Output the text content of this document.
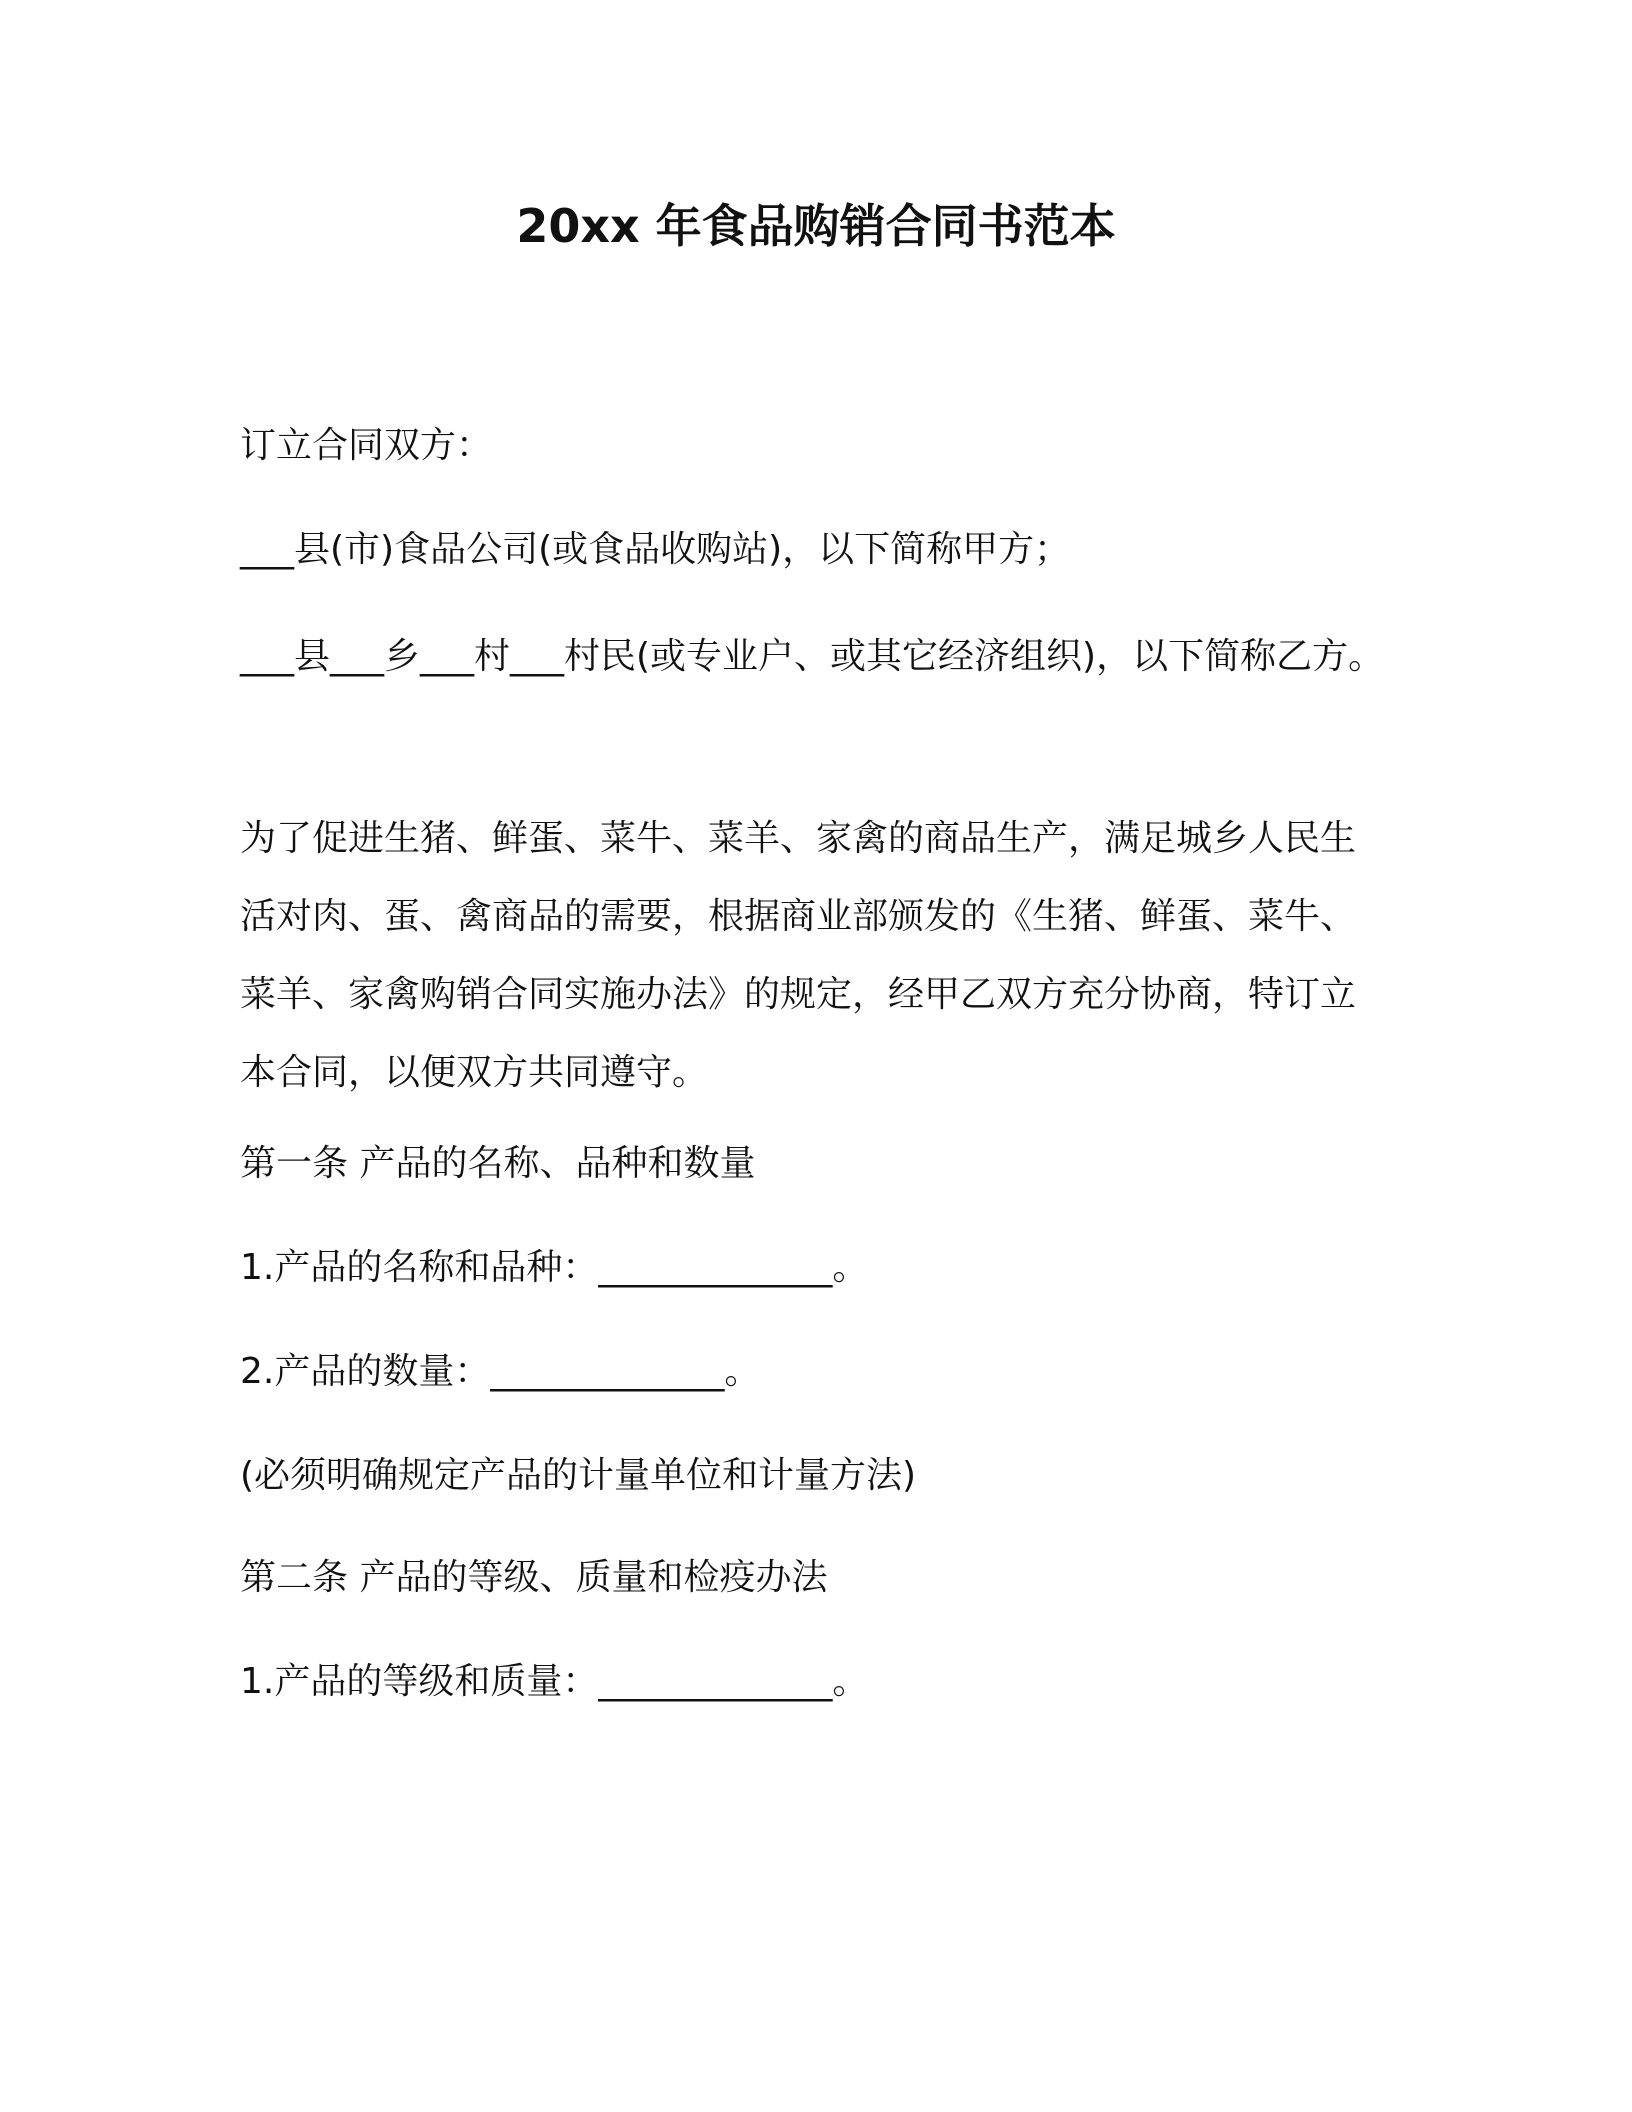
20xx 年食品购销合同书范本

订立合同双方：

___县(市)食品公司(或食品收购站)，以下简称甲方；

___县___乡___村___村民(或专业户、或其它经济组织)，以下简称乙方。

为了促进生猪、鲜蛋、菜牛、菜羊、家禽的商品生产，满足城乡人民生活对肉、蛋、禽商品的需要，根据商业部颁发的《生猪、鲜蛋、菜牛、菜羊、家禽购销合同实施办法》的规定，经甲乙双方充分协商，特订立本合同，以便双方共同遵守。

第一条 产品的名称、品种和数量

1.产品的名称和品种：_____________。

2.产品的数量：_____________。

(必须明确规定产品的计量单位和计量方法)

第二条 产品的等级、质量和检疫办法

1.产品的等级和质量：_____________。
